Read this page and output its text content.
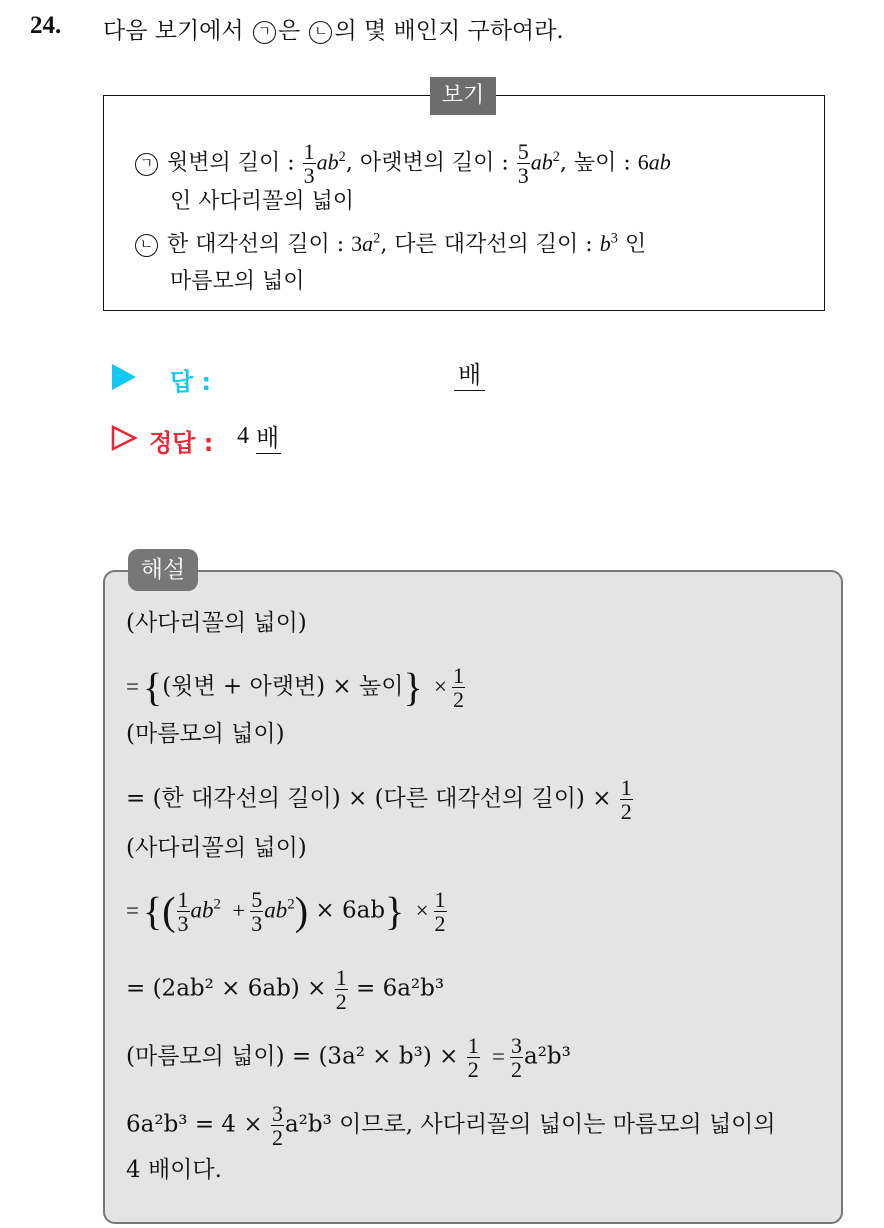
24. 다음 보기에서 ㄱ 은 ㄴ 의 몇 배인지 구하여라.
보기
ㄱ 윗변의 길이 : $\frac{1}{3} ab^2$, 아랫변의 길이 : $\frac{5}{3} ab^2$, 높이 : 6ab
인 사다리꼴의 넓이
ㄴ 한 대각선의 길이 : $3a^2$, 다른 대각선의 길이 : $b^3$ 인
마름모의 넓이
답 :	배
정답 : 4 배
해설
(사다리꼴의 넓이)
= {(윗변 + 아랫변) × 높이} × $\frac{1}{2}$
(마름모의 넓이)
= (한 대각선의 길이) × (다른 대각선의 길이) × $\frac{1}{2}$
(사다리꼴의 넓이)
= {( $\frac{1}{3} ab^2 + \frac{5}{3} ab^2) \times 6ab\} \times \frac{1}{2}$
= $(2ab^2 \times 6ab) \times \frac{1}{2} = 6a^2b^3$
(마름모의 넓이) = $(3a^2 \times b^3) \times \frac{1}{2} = \frac{3}{2} a^2b^3$
$6a^2b^3 = 4 \times \frac{3}{2} a^2b^3$ 이므로, 사다리꼴의 넓이는 마름모의 넓이의
4 배이다.
